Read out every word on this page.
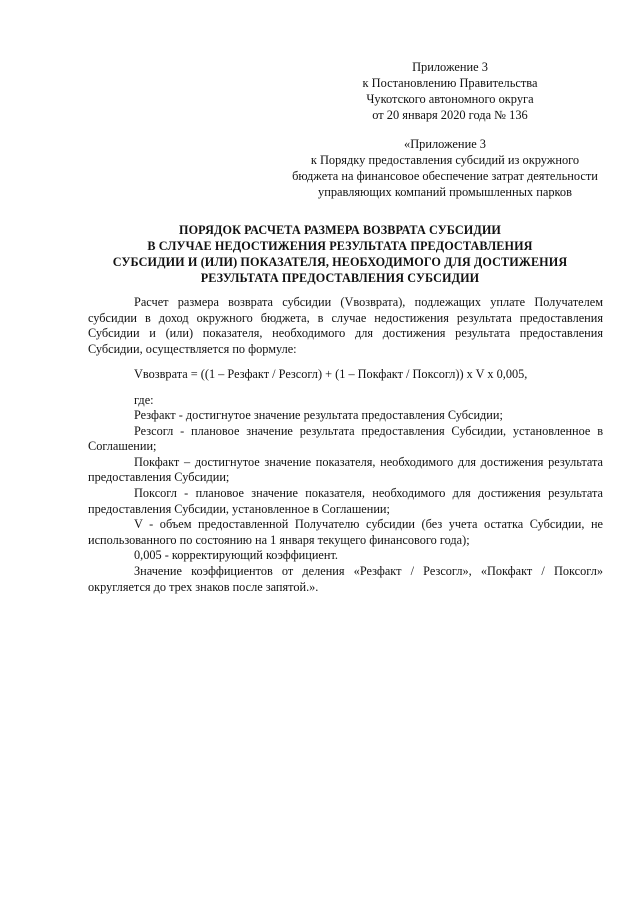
Приложение 3
к Постановлению Правительства
Чукотского автономного округа
от 20 января 2020 года № 136
«Приложение 3
к Порядку предоставления субсидий из окружного
бюджета на финансовое обеспечение затрат деятельности
управляющих компаний промышленных парков
ПОРЯДОК РАСЧЕТА РАЗМЕРА ВОЗВРАТА СУБСИДИИ
В СЛУЧАЕ НЕДОСТИЖЕНИЯ РЕЗУЛЬТАТА ПРЕДОСТАВЛЕНИЯ
СУБСИДИИ И (ИЛИ) ПОКАЗАТЕЛЯ, НЕОБХОДИМОГО ДЛЯ ДОСТИЖЕНИЯ
РЕЗУЛЬТАТА ПРЕДОСТАВЛЕНИЯ СУБСИДИИ

Расчет размера возврата субсидии (Vвозврата), подлежащих уплате Получателем субсидии в доход окружного бюджета, в случае недостижения результата предоставления Субсидии и (или) показателя, необходимого для достижения результата предоставления Субсидии, осуществляется по формуле:

Vвозврата = ((1 – Резфакт / Резсогл) + (1 – Покфакт / Поксогл)) x V x 0,005,
где:

Резфакт - достигнутое значение результата предоставления Субсидии;

Резсогл - плановое значение результата предоставления Субсидии, установленное в Соглашении;

Покфакт – достигнутое значение показателя, необходимого для достижения результата предоставления Субсидии;

Поксогл - плановое значение показателя, необходимого для достижения результата предоставления Субсидии, установленное в Соглашении;

V - объем предоставленной Получателю субсидии (без учета остатка Субсидии, не использованного по состоянию на 1 января текущего финансового года);

0,005 - корректирующий коэффициент.

Значение коэффициентов от деления «Резфакт / Резсогл», «Покфакт / Поксогл» округляется до трех знаков после запятой.».
